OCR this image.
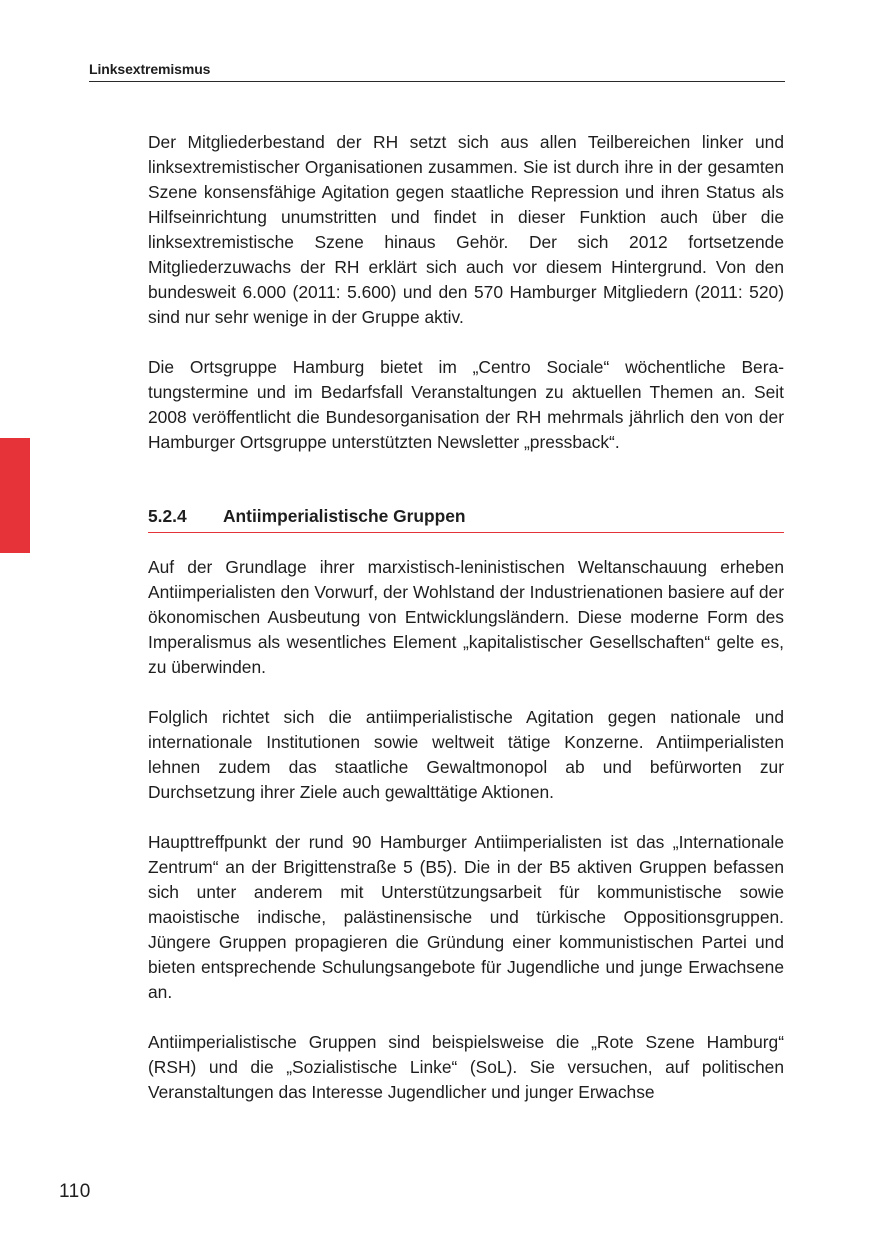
Linksextremismus

Der Mitgliederbestand der RH setzt sich aus allen Teilbereichen linker und linksextremistischer Organisationen zusammen. Sie ist durch ihre in der gesamten Szene konsensfähige Agitation gegen staatliche Repression und ihren Status als Hilfseinrichtung unumstritten und findet in dieser Funktion auch über die linksextremistische Szene hinaus Gehör. Der sich 2012 fortsetzende Mitgliederzuwachs der RH erklärt sich auch vor diesem Hintergrund. Von den bundesweit 6.000 (2011: 5.600) und den 570 Hamburger Mitgliedern (2011: 520) sind nur sehr wenige in der Gruppe aktiv.

Die Ortsgruppe Hamburg bietet im „Centro Sociale“ wöchentliche Beratungstermine und im Bedarfsfall Veranstaltungen zu aktuellen Themen an. Seit 2008 veröffentlicht die Bundesorganisation der RH mehrmals jährlich den von der Hamburger Ortsgruppe unterstützten Newsletter „pressback“.

5.2.4 Antiimperialistische Gruppen

Auf der Grundlage ihrer marxistisch-leninistischen Weltanschauung erheben Antiimperialisten den Vorwurf, der Wohlstand der Industrienationen basiere auf der ökonomischen Ausbeutung von Entwicklungsländern. Diese moderne Form des Imperalismus als wesentliches Element „kapitalistischer Gesellschaften“ gelte es, zu überwinden.

Folglich richtet sich die antiimperialistische Agitation gegen nationale und internationale Institutionen sowie weltweit tätige Konzerne. Antiimperialisten lehnen zudem das staatliche Gewaltmonopol ab und befürworten zur Durchsetzung ihrer Ziele auch gewalttätige Aktionen.

Haupttreffpunkt der rund 90 Hamburger Antiimperialisten ist das „Internationale Zentrum“ an der Brigittenstraße 5 (B5). Die in der B5 aktiven Gruppen befassen sich unter anderem mit Unterstützungsarbeit für kommunistische sowie maoistische indische, palästinensische und türkische Oppositionsgruppen. Jüngere Gruppen propagieren die Gründung einer kommunistischen Partei und bieten entsprechende Schulungsangebote für Jugendliche und junge Erwachsene an.

Antiimperialistische Gruppen sind beispielsweise die „Rote Szene Hamburg“ (RSH) und die „Sozialistische Linke“ (SoL). Sie versuchen, auf politischen Veranstaltungen das Interesse Jugendlicher und junger Erwachse

110
